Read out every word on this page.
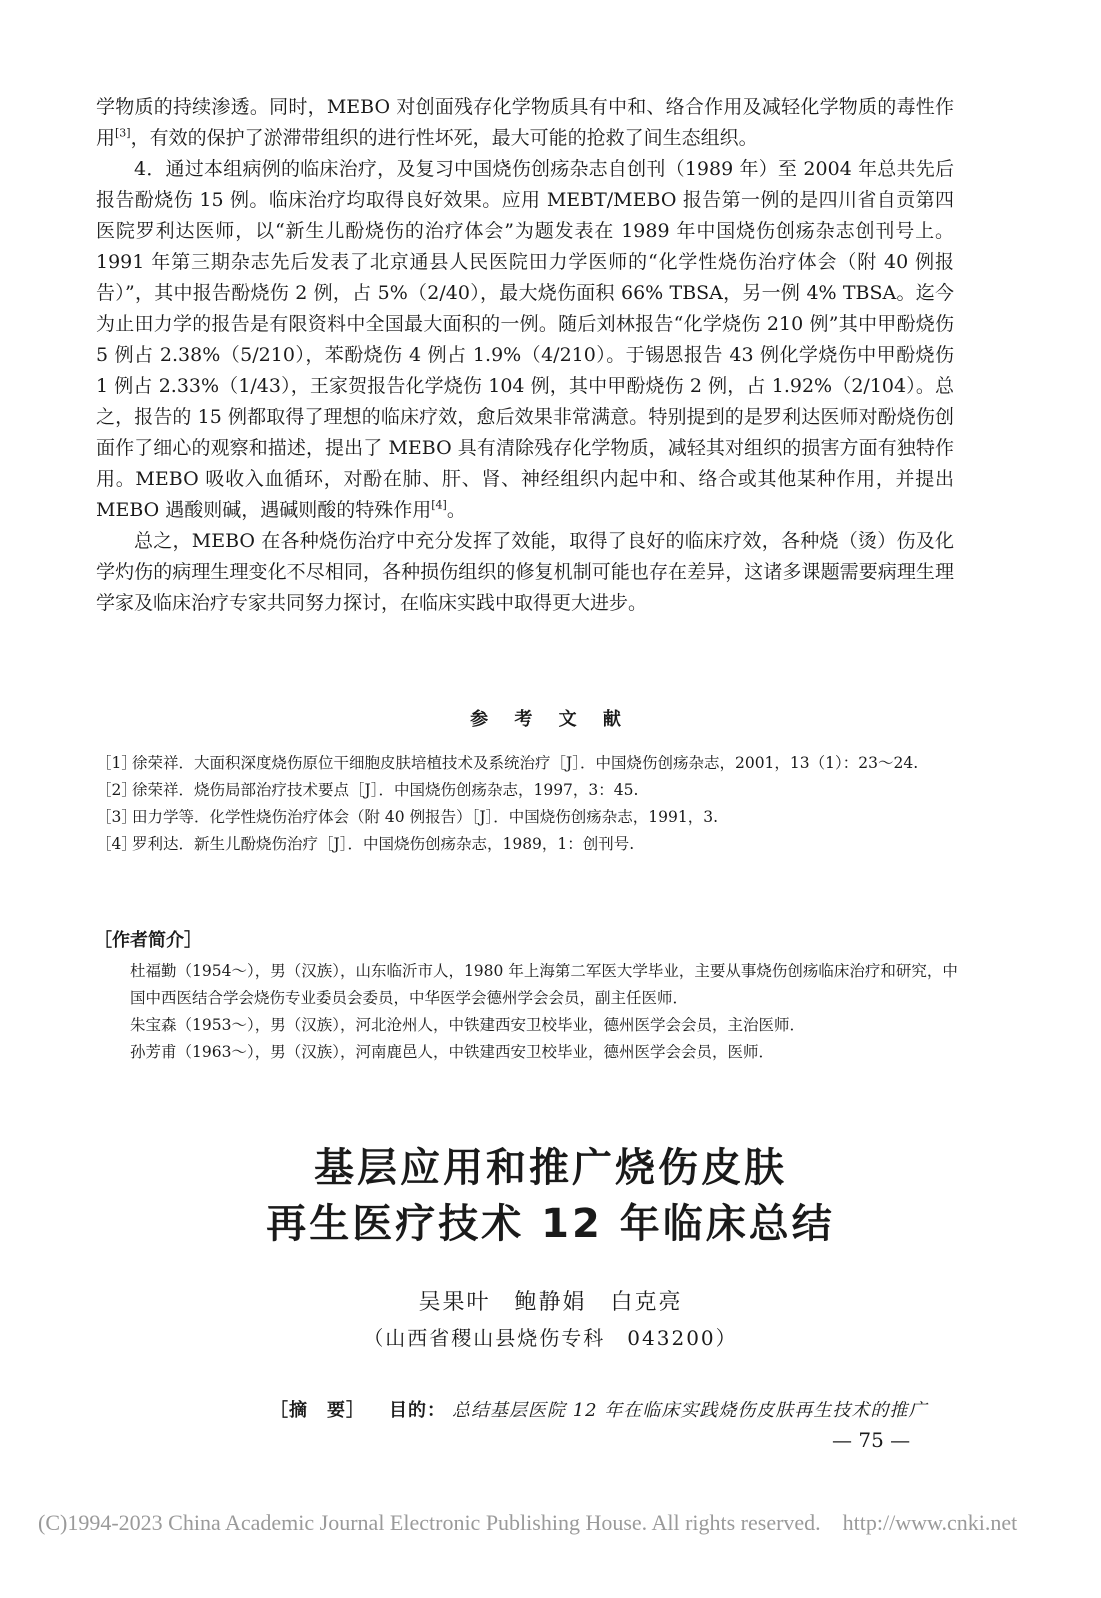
学物质的持续渗透。同时，MEBO 对创面残存化学物质具有中和、络合作用及减轻化学物质的毒性作用[3]，有效的保护了淤滞带组织的进行性坏死，最大可能的抢救了间生态组织。

4．通过本组病例的临床治疗，及复习中国烧伤创疡杂志自创刊（1989 年）至 2004 年总共先后报告酚烧伤 15 例。临床治疗均取得良好效果。应用 MEBT/MEBO 报告第一例的是四川省自贡第四医院罗利达医师，以“新生儿酚烧伤的治疗体会”为题发表在 1989 年中国烧伤创疡杂志创刊号上。1991 年第三期杂志先后发表了北京通县人民医院田力学医师的“化学性烧伤治疗体会（附 40 例报告）”，其中报告酚烧伤 2 例，占 5%（2/40），最大烧伤面积 66% TBSA，另一例 4% TBSA。迄今为止田力学的报告是有限资料中全国最大面积的一例。随后刘林报告“化学烧伤 210 例”其中甲酚烧伤 5 例占 2.38%（5/210），苯酚烧伤 4 例占 1.9%（4/210）。于锡恩报告 43 例化学烧伤中甲酚烧伤 1 例占 2.33%（1/43），王家贺报告化学烧伤 104 例，其中甲酚烧伤 2 例，占 1.92%（2/104）。总之，报告的 15 例都取得了理想的临床疗效，愈后效果非常满意。特别提到的是罗利达医师对酚烧伤创面作了细心的观察和描述，提出了 MEBO 具有清除残存化学物质，减轻其对组织的损害方面有独特作用。MEBO 吸收入血循环，对酚在肺、肝、肾、神经组织内起中和、络合或其他某种作用，并提出 MEBO 遇酸则碱，遇碱则酸的特殊作用[4]。

总之，MEBO 在各种烧伤治疗中充分发挥了效能，取得了良好的临床疗效，各种烧（烫）伤及化学灼伤的病理生理变化不尽相同，各种损伤组织的修复机制可能也存在差异，这诸多课题需要病理生理学家及临床治疗专家共同努力探讨，在临床实践中取得更大进步。

参 考 文 献
［1］
徐荣祥．大面积深度烧伤原位干细胞皮肤培植技术及系统治疗［J］．中国烧伤创疡杂志，2001，13（1）：23～24.
［2］
徐荣祥．烧伤局部治疗技术要点［J］．中国烧伤创疡杂志，1997，3：45.
［3］
田力学等．化学性烧伤治疗体会（附 40 例报告）［J］．中国烧伤创疡杂志，1991，3.
［4］
罗利达．新生儿酚烧伤治疗［J］．中国烧伤创疡杂志，1989，1：创刊号.
［作者简介］
杜福勤（1954～），男（汉族），山东临沂市人，1980 年上海第二军医大学毕业，主要从事烧伤创疡临床治疗和研究，中国中西医结合学会烧伤专业委员会委员，中华医学会德州学会会员，副主任医师．
朱宝森（1953～），男（汉族），河北沧州人，中铁建西安卫校毕业，德州医学会会员，主治医师．
孙芳甫（1963～），男（汉族），河南鹿邑人，中铁建西安卫校毕业，德州医学会会员，医师．
基层应用和推广烧伤皮肤
再生医疗技术 12 年临床总结
吴果叶　鲍静娟　白克亮
（山西省稷山县烧伤专科　043200）
［摘　要］ 目的： 总结基层医院 12 年在临床实践烧伤皮肤再生技术的推广
— 75 —
(C)1994-2023 China Academic Journal Electronic Publishing House. All rights reserved.　http://www.cnki.net
